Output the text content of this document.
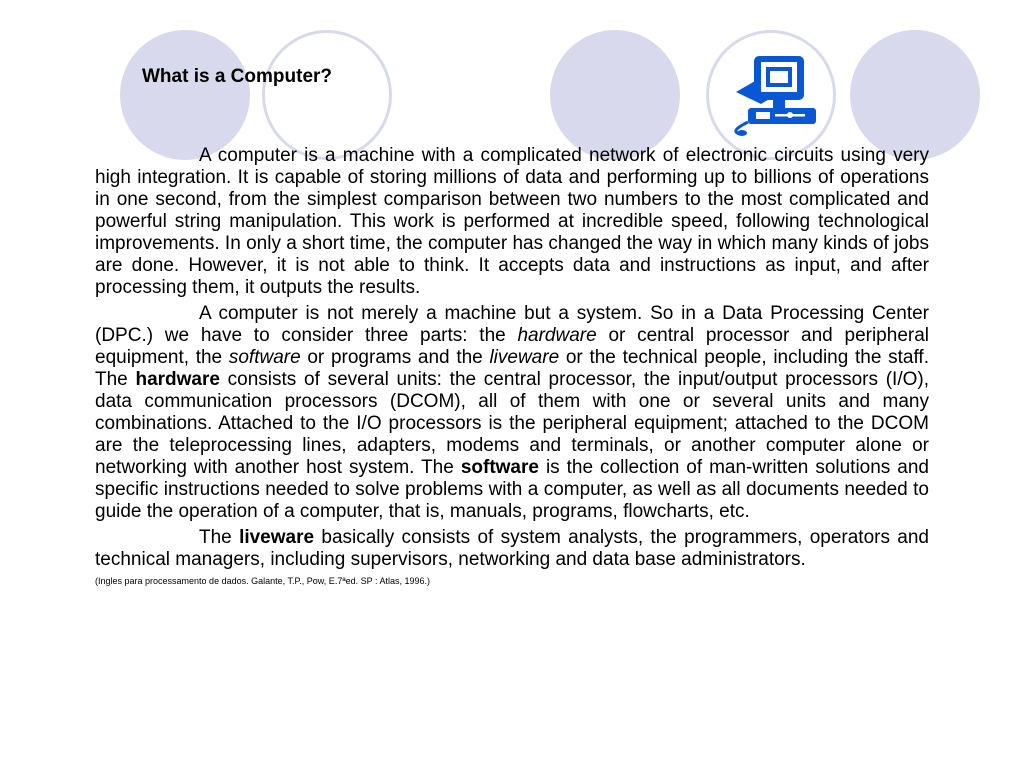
What is a Computer?

A computer is a machine with a complicated network of electronic circuits using very high integration. It is capable of storing millions of data and performing up to billions of operations in one second, from the simplest comparison between two numbers to the most complicated and powerful string manipulation. This work is performed at incredible speed, following technological improvements. In only a short time, the computer has changed the way in which many kinds of jobs are done. However, it is not able to think. It accepts data and instructions as input, and after processing them, it outputs the results.

A computer is not merely a machine but a system. So in a Data Processing Center (DPC.) we have to consider three parts: the hardware or central processor and peripheral equipment, the software or programs and the liveware or the technical people, including the staff. The hardware consists of several units: the central processor, the input/output processors (I/O), data communication processors (DCOM), all of them with one or several units and many combinations. Attached to the I/O processors is the peripheral equipment; attached to the DCOM are the teleprocessing lines, adapters, modems and terminals, or another computer alone or networking with another host system. The software is the collection of man-written solutions and specific instructions needed to solve problems with a computer, as well as all documents needed to guide the operation of a computer, that is, manuals, programs, flowcharts, etc.

The liveware basically consists of system analysts, the programmers, operators and technical managers, including supervisors, networking and data base administrators.

(Ingles para processamento de dados. Galante, T.P., Pow, E.7ªed. SP : Atlas, 1996.)
